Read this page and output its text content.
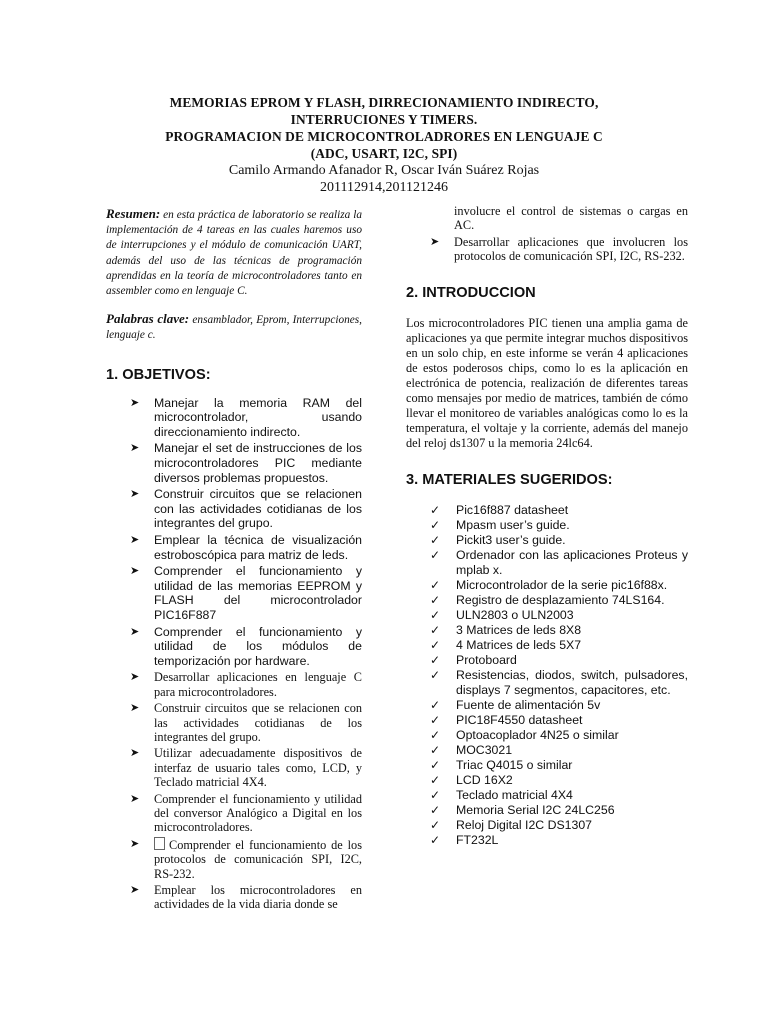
MEMORIAS EPROM Y FLASH, DIRRECIONAMIENTO INDIRECTO,
INTERRUCIONES Y TIMERS.
PROGRAMACION DE MICROCONTROLADRORES EN LENGUAJE C
(ADC, USART, I2C, SPI)
Camilo Armando Afanador R, Oscar Iván Suárez Rojas
201112914,201121246
Resumen: en esta práctica de laboratorio se realiza la implementación de 4 tareas en las cuales haremos uso de interrupciones y el módulo de comunicación UART, además del uso de las técnicas de programación aprendidas en la teoría de microcontroladores tanto en assembler como en lenguaje C.
Palabras clave: ensamblador, Eprom, Interrupciones, lenguaje c.
1. OBJETIVOS:
➤ Manejar la memoria RAM del microcontrolador, usando direccionamiento indirecto.
➤ Manejar el set de instrucciones de los microcontroladores PIC mediante diversos problemas propuestos.
➤ Construir circuitos que se relacionen con las actividades cotidianas de los integrantes del grupo.
➤ Emplear la técnica de visualización estroboscópica para matriz de leds.
➤ Comprender el funcionamiento y utilidad de las memorias EEPROM y FLASH del microcontrolador PIC16F887
➤ Comprender el funcionamiento y utilidad de los módulos de temporización por hardware.
➤ Desarrollar aplicaciones en lenguaje C para microcontroladores.
➤ Construir circuitos que se relacionen con las actividades cotidianas de los integrantes del grupo.
➤ Utilizar adecuadamente dispositivos de interfaz de usuario tales como, LCD, y Teclado matricial 4X4.
➤ Comprender el funcionamiento y utilidad del conversor Analógico a Digital en los microcontroladores.
➤ Comprender el funcionamiento de los protocolos de comunicación SPI, I2C, RS-232.
➤ Emplear los microcontroladores en actividades de la vida diaria donde se
involucre el control de sistemas o cargas en AC.
➤ Desarrollar aplicaciones que involucren los protocolos de comunicación SPI, I2C, RS-232.
2. INTRODUCCION
Los microcontroladores PIC tienen una amplia gama de aplicaciones ya que permite integrar muchos dispositivos en un solo chip, en este informe se verán 4 aplicaciones de estos poderosos chips, como lo es la aplicación en electrónica de potencia, realización de diferentes tareas como mensajes por medio de matrices, también de cómo llevar el monitoreo de variables analógicas como lo es la temperatura, el voltaje y la corriente, además del manejo del reloj ds1307 u la memoria 24lc64.
3. MATERIALES SUGERIDOS:
✓ Pic16f887 datasheet
✓ Mpasm user’s guide.
✓ Pickit3 user’s guide.
✓ Ordenador con las aplicaciones Proteus y mplab x.
✓ Microcontrolador de la serie pic16f88x.
✓ Registro de desplazamiento 74LS164.
✓ ULN2803 o ULN2003
✓ 3 Matrices de leds 8X8
✓ 4 Matrices de leds 5X7
✓ Protoboard
✓ Resistencias, diodos, switch, pulsadores, displays 7 segmentos, capacitores, etc.
✓ Fuente de alimentación 5v
✓ PIC18F4550 datasheet
✓ Optoacoplador 4N25 o similar
✓ MOC3021
✓ Triac Q4015 o similar
✓ LCD 16X2
✓ Teclado matricial 4X4
✓ Memoria Serial I2C 24LC256
✓ Reloj Digital I2C DS1307
✓ FT232L
